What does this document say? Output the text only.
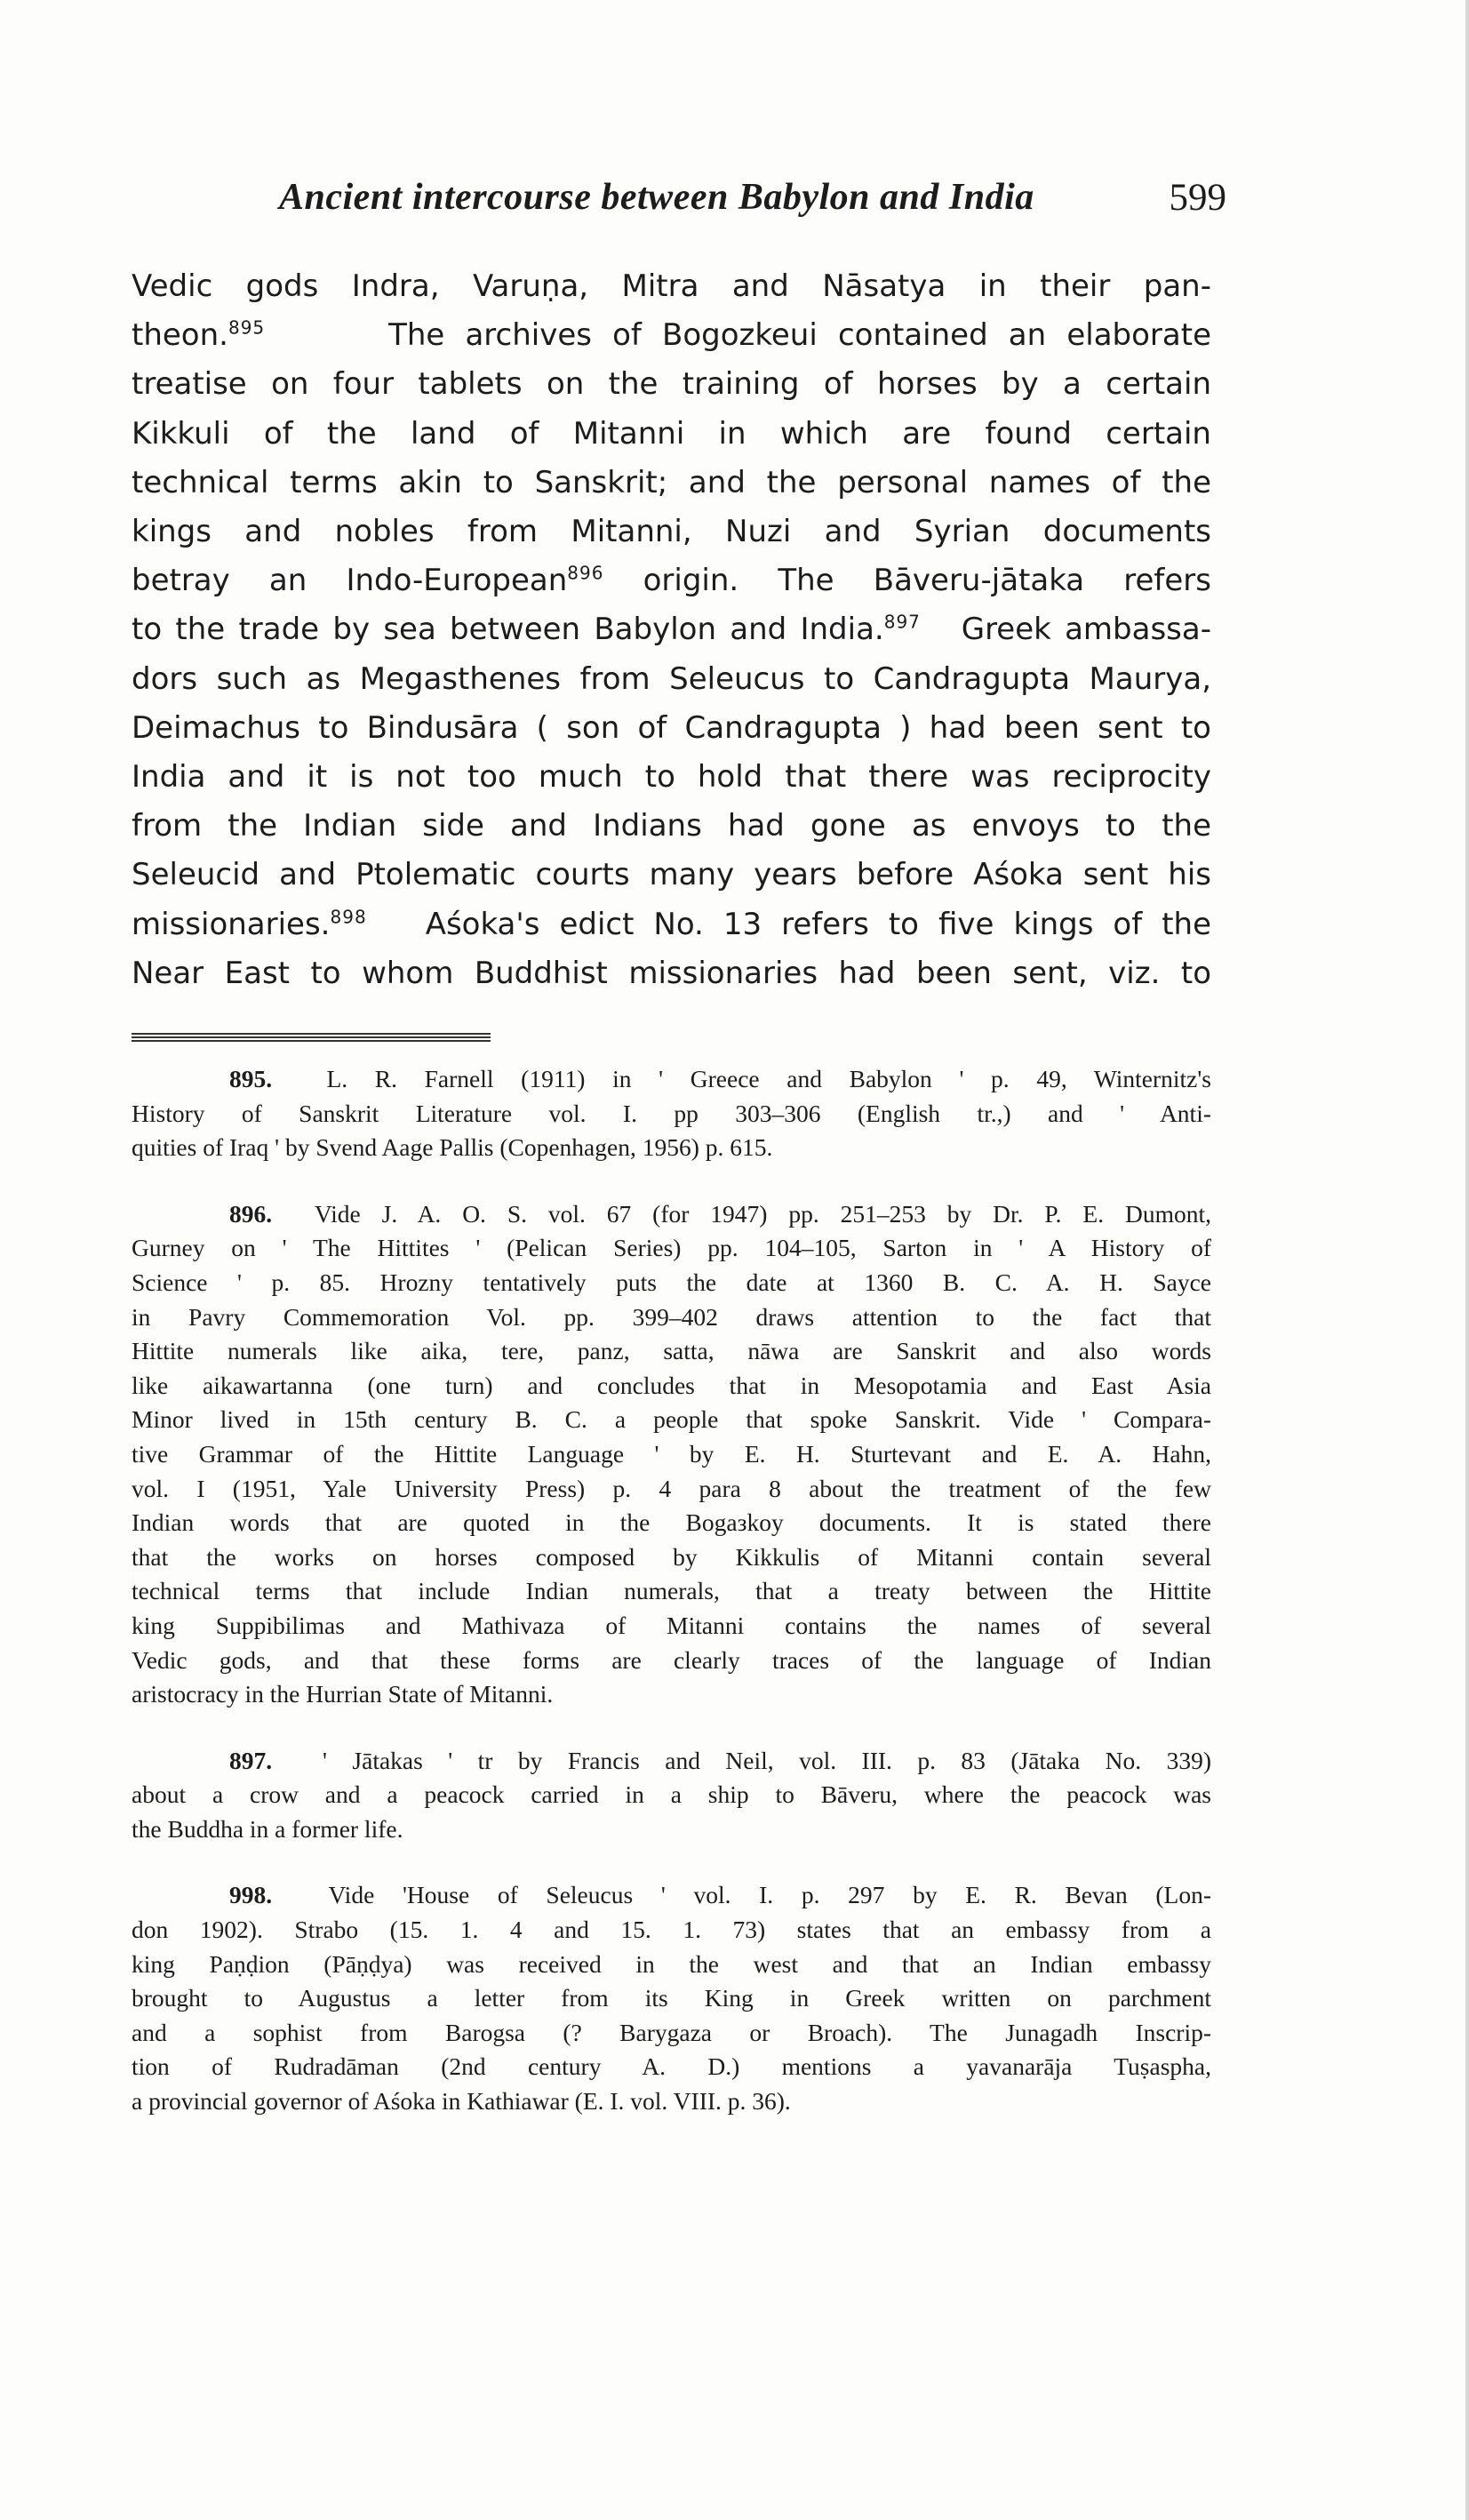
Ancient intercourse between Babylon and India	599
Vedic gods Indra, Varuṇa, Mitra and Nāsatya in their pan-
theon.$^{895}$	The archives of Bogozkeui contained an elaborate
treatise on four tablets on the training of horses by a certain
Kikkuli of the land of Mitanni in which are found certain
technical terms akin to Sanskrit; and the personal names of the
kings and nobles from Mitanni, Nuzi and Syrian documents
betray an Indo-European$^{896}$ origin. The Bāveru-jātaka refers
to the trade by sea between Babylon and India.$^{897}$ Greek ambassa-
dors such as Megasthenes from Seleucus to Candragupta Maurya,
Deimachus to Bindusāra ( son of Candragupta ) had been sent to
India and it is not too much to hold that there was reciprocity
from the Indian side and Indians had gone as envoys to the
Seleucid and Ptolematic courts many years before Aśoka sent his
missionaries.$^{898}$ Aśoka's edict No. 13 refers to five kings of the
Near East to whom Buddhist missionaries had been sent, viz. to
895. L. R. Farnell (1911) in ' Greece and Babylon ' p. 49, Winternitz's
History of Sanskrit Literature vol. I. pp 303–306 (English tr.,) and ' Anti-
quities of Iraq ' by Svend Aage Pallis (Copenhagen, 1956) p. 615.
896. Vide J. A. O. S. vol. 67 (for 1947) pp. 251–253 by Dr. P. E. Dumont,
Gurney on ' The Hittites ' (Pelican Series) pp. 104–105, Sarton in ' A History of
Science ' p. 85. Hrozny tentatively puts the date at 1360 B. C. A. H. Sayce
in Pavry Commemoration Vol. pp. 399–402 draws attention to the fact that
Hittite numerals like aika, tere, panz, satta, nāwa are Sanskrit and also words
like aikawartanna (one turn) and concludes that in Mesopotamia and East Asia
Minor lived in 15th century B. C. a people that spoke Sanskrit. Vide ' Compara-
tive Grammar of the Hittite Language ' by E. H. Sturtevant and E. A. Hahn,
vol. I (1951, Yale University Press) p. 4 para 8 about the treatment of the few
Indian words that are quoted in the Bogазkoy documents. It is stated there
that the works on horses composed by Kikkulis of Mitanni contain several
technical terms that include Indian numerals, that a treaty between the Hittite
king Suppibilimas and Mathivaza of Mitanni contains the names of several
Vedic gods, and that these forms are clearly traces of the language of Indian
aristocracy in the Hurrian State of Mitanni.
897. ' Jātakas ' tr by Francis and Neil, vol. III. p. 83 (Jātaka No. 339)
about a crow and a peacock carried in a ship to Bāveru, where the peacock was
the Buddha in a former life.
998. Vide 'House of Seleucus ' vol. I. p. 297 by E. R. Bevan (Lon-
don 1902). Strabo (15. 1. 4 and 15. 1. 73) states that an embassy from a
king Paṇḍion (Pāṇḍya) was received in the west and that an Indian embassy
brought to Augustus a letter from its King in Greek written on parchment
and a sophist from Barogsa (? Barygaza or Broach). The Junagadh Inscrip-
tion of Rudradāman (2nd century A. D.) mentions a yavanarāja Tuṣaspha,
a provincial governor of Aśoka in Kathiawar (E. I. vol. VIII. p. 36).
